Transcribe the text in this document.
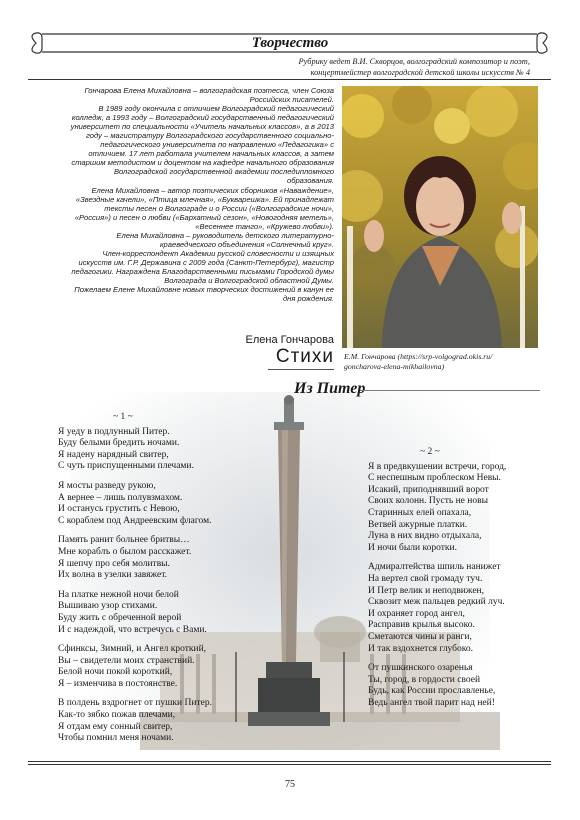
Творчество
Рубрику ведет В.И. Скворцов, волгоградский композитор и поэт,
концертмейстер волгоградской детской школы искусств № 4

Гончарова Елена Михайловна – волгоградская поэтесса, член Союза Российских писателей.

В 1989 году окончила с отличием Волгоградский педагогический колледж, а 1993 году – Волгоградский государственный педагогический университет по специальности «Учитель начальных классов», а в 2013 году – магистратуру Волгоградского государственного социально-педагогического университета по направлению «Педагогика» с отличием. 17 лет работала учителем начальных классов, а затем старшим методистом и доцентом на кафедре начального образования Волгоградской государственной академии последипломного образования.

Елена Михайловна – автор поэтических сборников «Наваждение», «Звездные качели», «Птица млечная», «Букварешка». Ей принадлежат тексты песен о Волгограде и о России («Волгоградские ночи», «Россия») и песен о любви («Бархатный сезон», «Новогодняя метель», «Весеннее танго», «Кружево любви»).

Елена Михайловна – руководитель детского литературно-краеведческого объединения «Солнечный круг».

Член-корреспондент Академии русской словесности и изящных искусств им. Г.Р. Державина с 2009 года (Санкт-Петербург), магистр педагогики. Награждена Благодарственными письмами Городской думы Волгограда и Волгоградской областной Думы.

Пожелаем Елене Михайловне новых творческих достижений в канун ее дня рождения.

Елена Гончарова
Стихи Е.М. Гончарова (https://srp-volgograd.okis.ru/
goncharova-elena-mikhailovna)
Из Питер
~ 1 ~
Я уеду в подлунный Питер.
Буду белыми бредить ночами.
Я надену нарядный свитер,
С чуть приспущенными плечами.
Я мосты разведу рукою,
А вернее – лишь полувзмахом.
И останусь грустить с Невою,
С кораблем под Андреевским флагом.
Память ранит больнее бритвы…
Мне кораблъ о былом расскажет.
Я шепчу про себя молитвы.
Их волна в узелки завяжет.
На платке нежной ночи белой
Вышиваю узор стихами.
Буду жить с обреченной верой
И с надеждой, что встречусь с Вами.
Сфинксы, Зимний, и Ангел кроткий,
Вы – свидетели моих странствий.
Белой ночи покой короткий,
Я – изменчива в постоянстве.
В полдень вздрогнет от пушки Питер.
Как-то зябко пожав плечами,
Я отдам ему сонный свитер,
Чтобы помнил меня ночами.
~ 2 ~
Я в предвкушении встречи, город,
С неспешным проблеском Невы.
Исакий, приподнявший ворот
Своих колонн. Пусть не новы
Старинных елей опахала,
Ветвей ажурные платки.
Луна в них видно отдыхала,
И ночи были коротки.
Адмиралтейства шпиль нанижет
На вертел свой громаду туч.
И Петр велик и неподвижен,
Сквозит меж пальцев редкий луч.
И охраняет город ангел,
Расправив крылья высоко.
Сметаются чины и ранги,
И так вздохнется глубоко.
От пушкинского озаренья
Ты, город, в гордости своей
Будь, как России прославленье,
Ведь ангел твой парит над ней!
75
